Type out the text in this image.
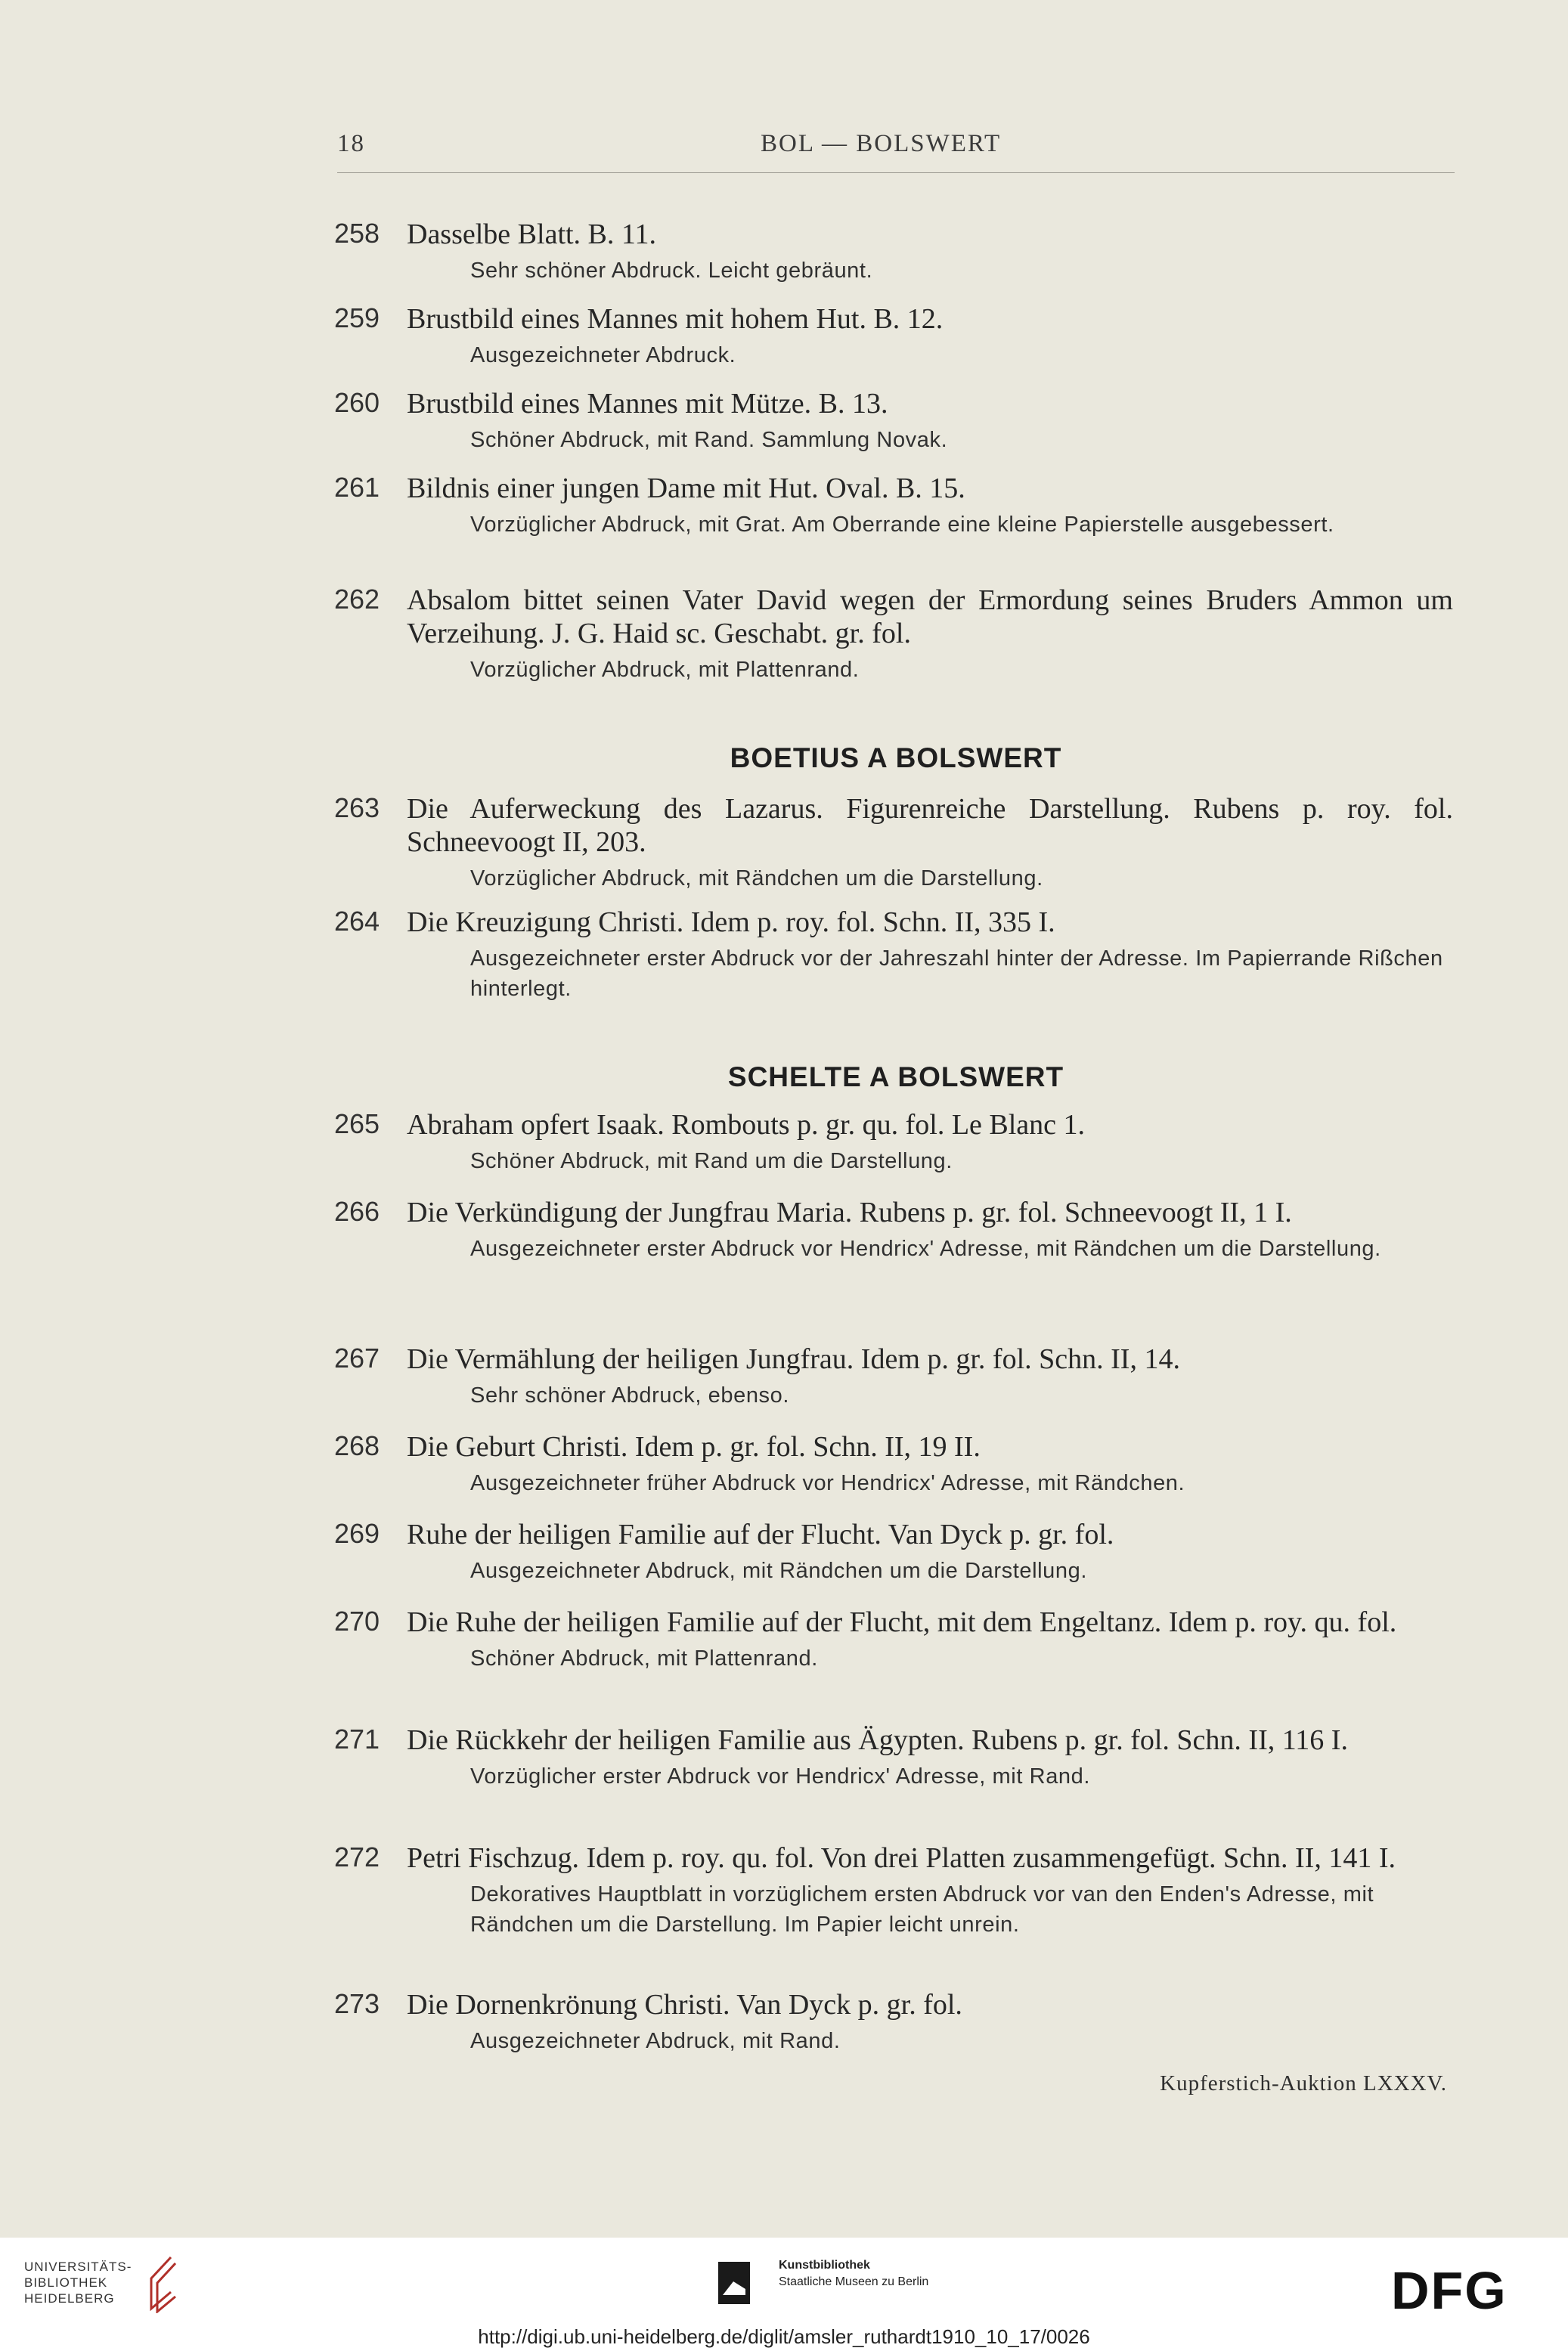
18	BOL — BOLSWERT
258 Dasselbe Blatt. B. 11.
Sehr schöner Abdruck. Leicht gebräunt.
259 Brustbild eines Mannes mit hohem Hut. B. 12.
Ausgezeichneter Abdruck.
260 Brustbild eines Mannes mit Mütze. B. 13.
Schöner Abdruck, mit Rand. Sammlung Novak.
261 Bildnis einer jungen Dame mit Hut. Oval. B. 15.
Vorzüglicher Abdruck, mit Grat. Am Oberrande eine kleine Papierstelle ausgebessert.
262 Absalom bittet seinen Vater David wegen der Ermordung seines Bruders Ammon um Verzeihung. J. G. Haid sc. Geschabt. gr. fol.
Vorzüglicher Abdruck, mit Plattenrand.
BOETIUS A BOLSWERT
263 Die Auferweckung des Lazarus. Figurenreiche Darstellung. Rubens p. roy. fol. Schneevoogt II, 203.
Vorzüglicher Abdruck, mit Rändchen um die Darstellung.
264 Die Kreuzigung Christi. Idem p. roy. fol. Schn. II, 335 I.
Ausgezeichneter erster Abdruck vor der Jahreszahl hinter der Adresse. Im Papierrande Rißchen hinterlegt.
SCHELTE A BOLSWERT
265 Abraham opfert Isaak. Rombouts p. gr. qu. fol. Le Blanc 1.
Schöner Abdruck, mit Rand um die Darstellung.
266 Die Verkündigung der Jungfrau Maria. Rubens p. gr. fol. Schneevoogt II, 1 I.
Ausgezeichneter erster Abdruck vor Hendricx' Adresse, mit Rändchen um die Darstellung.
267 Die Vermählung der heiligen Jungfrau. Idem p. gr. fol. Schn. II, 14.
Sehr schöner Abdruck, ebenso.
268 Die Geburt Christi. Idem p. gr. fol. Schn. II, 19 II.
Ausgezeichneter früher Abdruck vor Hendricx' Adresse, mit Rändchen.
269 Ruhe der heiligen Familie auf der Flucht. Van Dyck p. gr. fol.
Ausgezeichneter Abdruck, mit Rändchen um die Darstellung.
270 Die Ruhe der heiligen Familie auf der Flucht, mit dem Engeltanz. Idem p. roy. qu. fol.
Schöner Abdruck, mit Plattenrand.
271 Die Rückkehr der heiligen Familie aus Ägypten. Rubens p. gr. fol. Schn. II, 116 I.
Vorzüglicher erster Abdruck vor Hendricx' Adresse, mit Rand.
272 Petri Fischzug. Idem p. roy. qu. fol. Von drei Platten zusammengefügt. Schn. II, 141 I.
Dekoratives Hauptblatt in vorzüglichem ersten Abdruck vor van den Enden's Adresse, mit Rändchen um die Darstellung. Im Papier leicht unrein.
273 Die Dornenkrönung Christi. Van Dyck p. gr. fol.
Ausgezeichneter Abdruck, mit Rand.
Kupferstich-Auktion LXXXV.
UNIVERSITÄTS-
BIBLIOTHEK
HEIDELBERG
Kunstbibliothek
Staatliche Museen zu Berlin	DFG
http://digi.ub.uni-heidelberg.de/diglit/amsler_ruthardt1910_10_17/0026
